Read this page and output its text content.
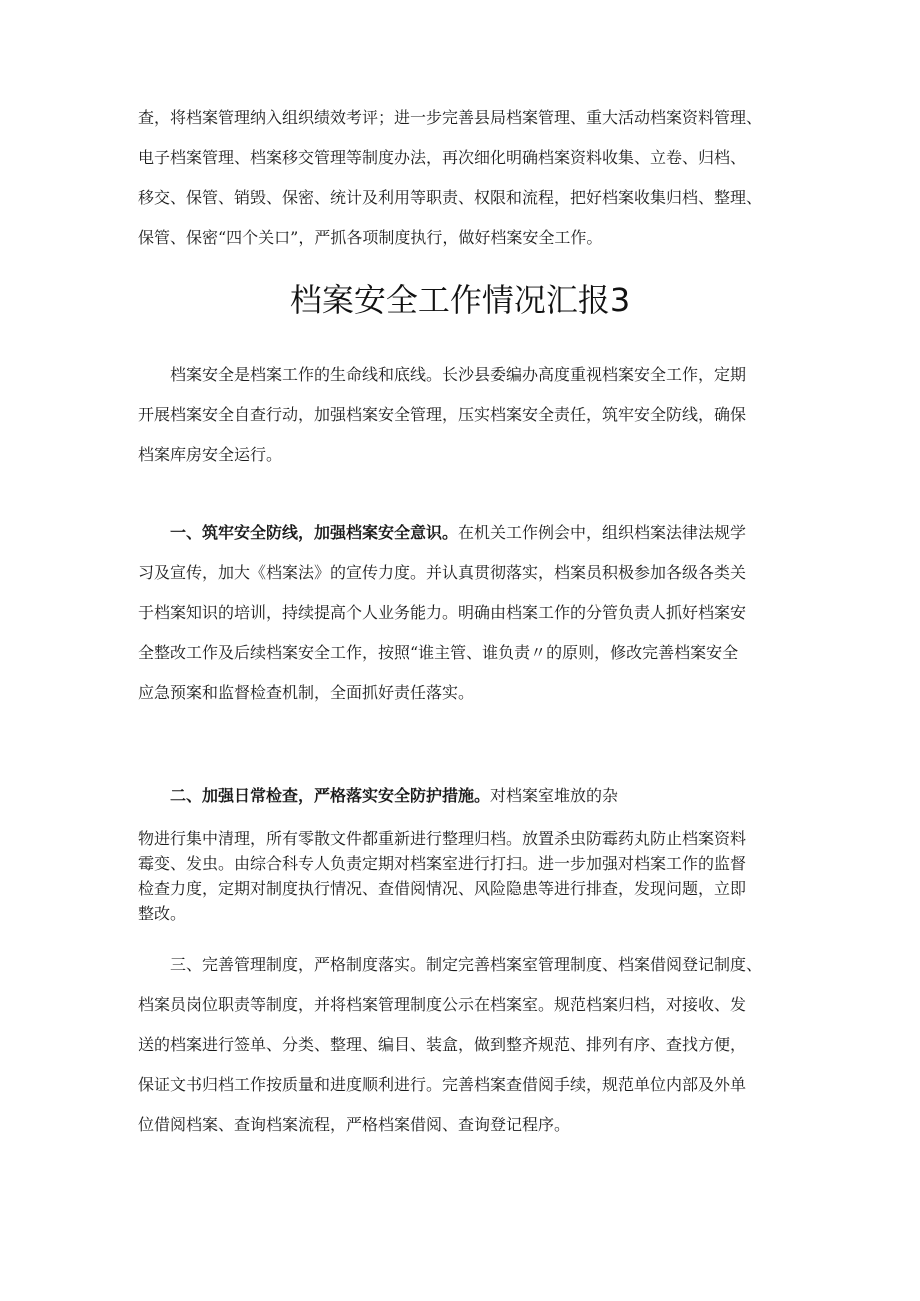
查，将档案管理纳入组织绩效考评；进一步完善县局档案管理、重大活动档案资料管理、

电子档案管理、档案移交管理等制度办法，再次细化明确档案资料收集、立卷、归档、

移交、保管、销毁、保密、统计及利用等职责、权限和流程，把好档案收集归档、整理、

保管、保密“四个关口”，严抓各项制度执行，做好档案安全工作。

档案安全工作情况汇报3

档案安全是档案工作的生命线和底线。长沙县委编办高度重视档案安全工作，定期

开展档案安全自查行动，加强档案安全管理，压实档案安全责任，筑牢安全防线，确保

档案库房安全运行。

一、筑牢安全防线，加强档案安全意识。在机关工作例会中，组织档案法律法规学

习及宣传，加大《档案法》的宣传力度。并认真贯彻落实，档案员积极参加各级各类关

于档案知识的培训，持续提高个人业务能力。明确由档案工作的分管负责人抓好档案安

全整改工作及后续档案安全工作，按照“谁主管、谁负责〃的原则，修改完善档案安全

应急预案和监督检查机制，全面抓好责任落实。

二、加强日常检查，严格落实安全防护措施。对档案室堆放的杂

物进行集中清理，所有零散文件都重新进行整理归档。放置杀虫防霉药丸防止档案资料

霉变、发虫。由综合科专人负责定期对档案室进行打扫。进一步加强对档案工作的监督

检查力度，定期对制度执行情况、查借阅情况、风险隐患等进行排查，发现问题，立即

整改。

三、完善管理制度，严格制度落实。制定完善档案室管理制度、档案借阅登记制度、

档案员岗位职责等制度，并将档案管理制度公示在档案室。规范档案归档，对接收、发

送的档案进行签单、分类、整理、编目、装盒，做到整齐规范、排列有序、查找方便，

保证文书归档工作按质量和进度顺利进行。完善档案查借阅手续，规范单位内部及外单

位借阅档案、查询档案流程，严格档案借阅、查询登记程序。
